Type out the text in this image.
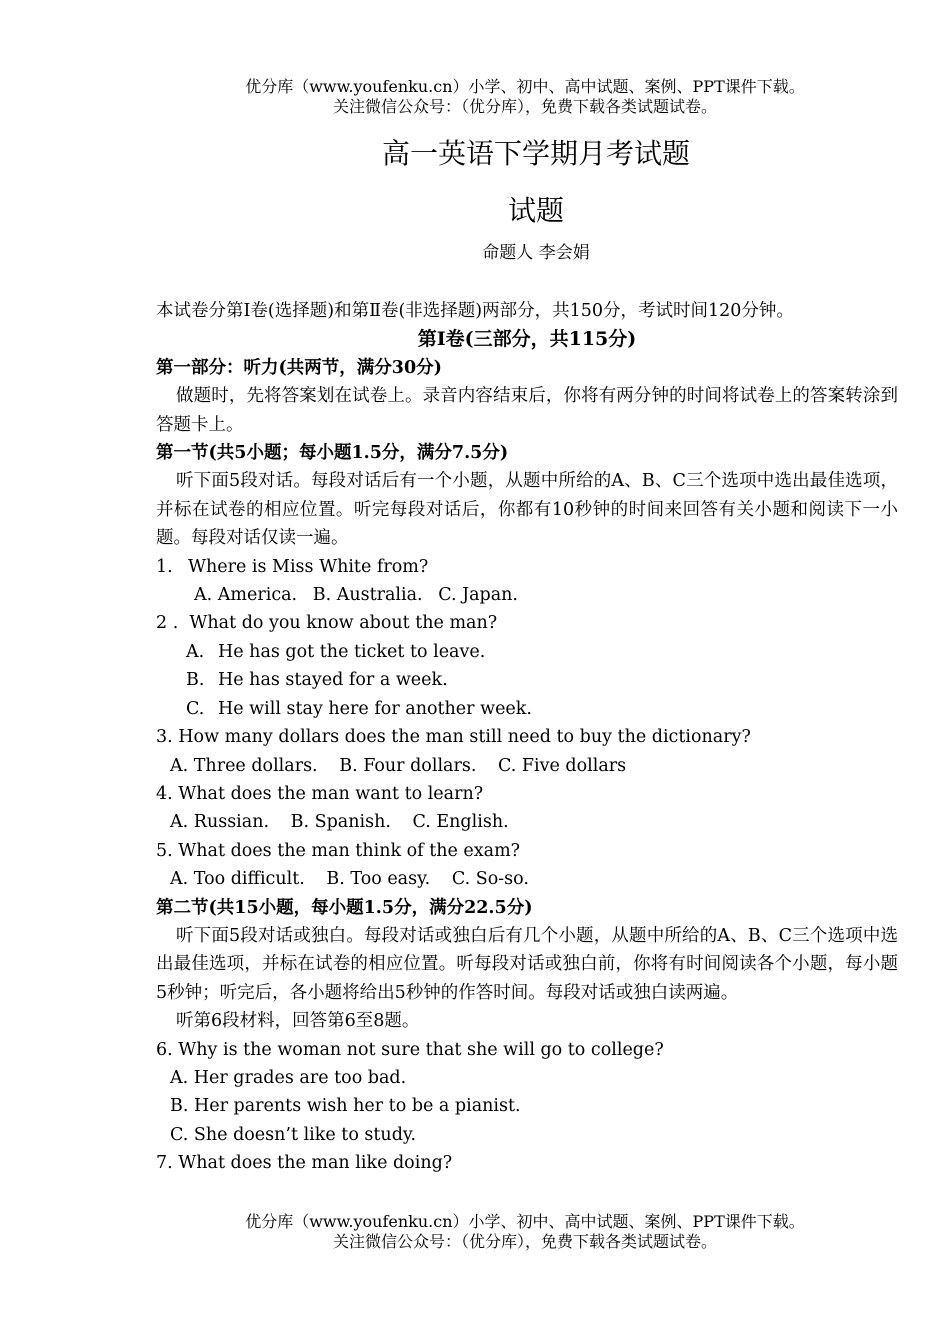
优分库（www.youfenku.cn）小学、初中、高中试题、案例、PPT课件下载。
关注微信公众号：（优分库），免费下载各类试题试卷。
高一英语下学期月考试题
试题
命题人 李会娟
本试卷分第Ⅰ卷(选择题)和第Ⅱ卷(非选择题)两部分，共150分，考试时间120分钟。
第Ⅰ卷(三部分，共115分)
第一部分：听力(共两节，满分30分)
做题时，先将答案划在试卷上。录音内容结束后，你将有两分钟的时间将试卷上的答案转涂到答题卡上。
第一节(共5小题；每小题1.5分，满分7.5分)
听下面5段对话。每段对话后有一个小题，从题中所给的A、B、C三个选项中选出最佳选项，并标在试卷的相应位置。听完每段对话后，你都有10秒钟的时间来回答有关小题和阅读下一小题。每段对话仅读一遍。
1. Where is Miss White from?
A. America. B. Australia. C. Japan.
2 . What do you know about the man?
A. He has got the ticket to leave.
B. He has stayed for a week.
C. He will stay here for another week.
3. How many dollars does the man still need to buy the dictionary?
A. Three dollars. B. Four dollars. C. Five dollars
4. What does the man want to learn?
A. Russian. B. Spanish. C. English.
5. What does the man think of the exam?
A. Too difficult. B. Too easy. C. So-so.
第二节(共15小题，每小题1.5分，满分22.5分)
听下面5段对话或独白。每段对话或独白后有几个小题，从题中所给的A、B、C三个选项中选出最佳选项，并标在试卷的相应位置。听每段对话或独白前，你将有时间阅读各个小题，每小题5秒钟；听完后，各小题将给出5秒钟的作答时间。每段对话或独白读两遍。
听第6段材料，回答第6至8题。
6. Why is the woman not sure that she will go to college?
A. Her grades are too bad.
B. Her parents wish her to be a pianist.
C. She doesn’t like to study.
7. What does the man like doing?
优分库（www.youfenku.cn）小学、初中、高中试题、案例、PPT课件下载。
关注微信公众号：（优分库），免费下载各类试题试卷。
